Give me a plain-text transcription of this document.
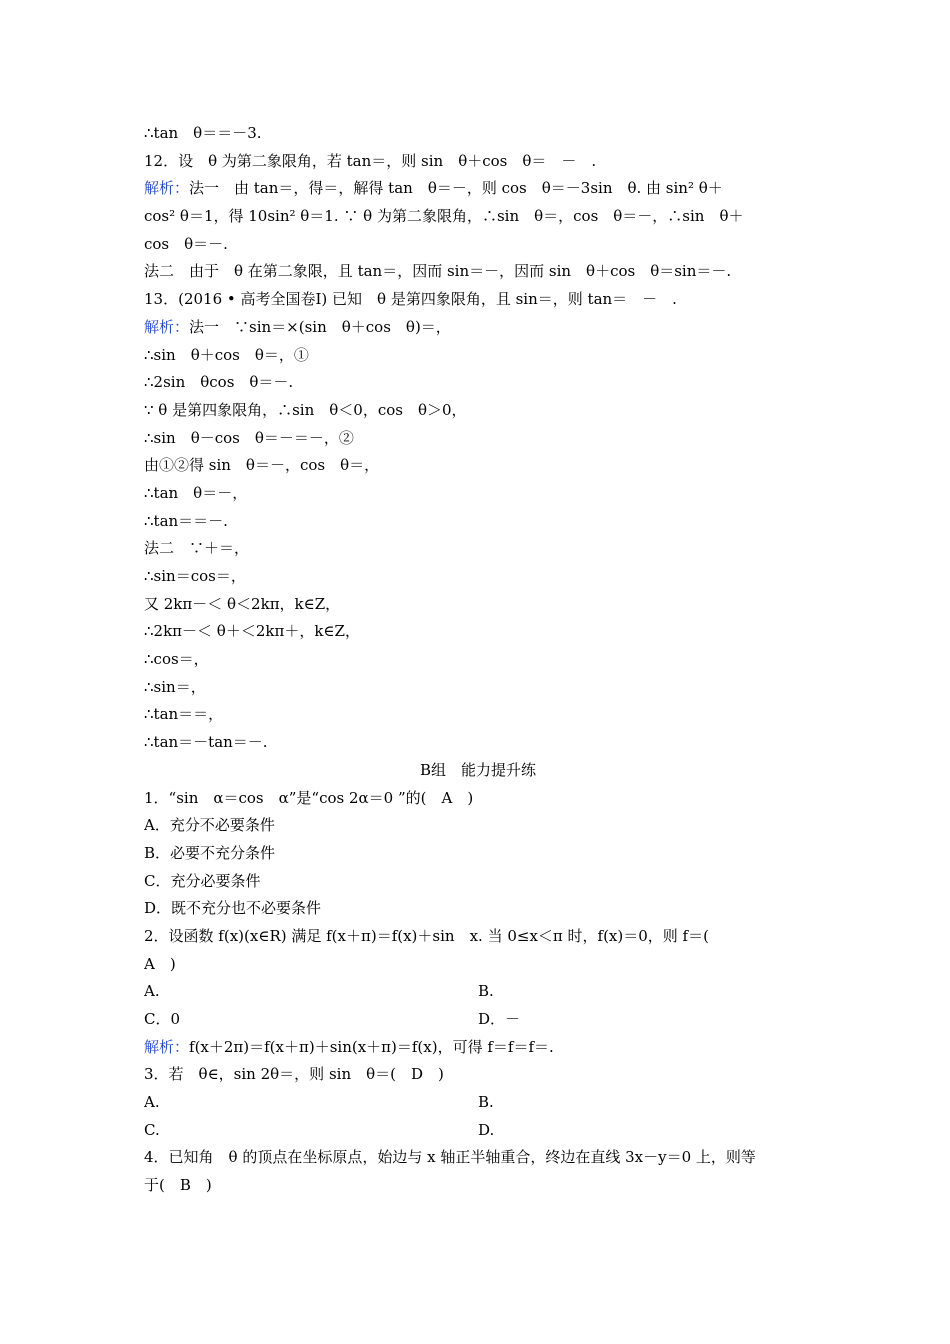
∴tan　θ＝＝－3.
12．设　θ 为第二象限角，若 tan＝，则 sin　θ＋cos　θ＝　－　.
解析：法一　由 tan＝，得＝，解得 tan　θ＝－，则 cos　θ＝－3sin　θ. 由 sin² θ＋
cos² θ＝1，得 10sin² θ＝1. ∵ θ 为第二象限角，∴sin　θ＝，cos　θ＝－，∴sin　θ＋
cos　θ＝－.
法二　由于　θ 在第二象限，且 tan＝，因而 sin＝－，因而 sin　θ＋cos　θ＝sin＝－.
13．(2016 • 高考全国卷Ⅰ) 已知　θ 是第四象限角，且 sin＝，则 tan＝　－　.
解析：法一　∵sin＝×(sin　θ＋cos　θ)＝，
∴sin　θ＋cos　θ＝，①
∴2sin　θcos　θ＝－.
∵ θ 是第四象限角，∴sin　θ＜0，cos　θ＞0，
∴sin　θ－cos　θ＝－＝－，②
由①②得 sin　θ＝－，cos　θ＝，
∴tan　θ＝－，
∴tan＝＝－.
法二　∵＋＝，
∴sin＝cos＝，
又 2kπ－＜ θ＜2kπ，k∈Z，
∴2kπ－＜ θ＋＜2kπ＋，k∈Z，
∴cos＝，
∴sin＝，
∴tan＝＝，
∴tan＝－tan＝－.
B组　能力提升练
1．“sin　α＝cos　α”是“cos 2α＝0 ”的(　A　)
A．充分不必要条件
B．必要不充分条件
C．充分必要条件
D．既不充分也不必要条件
2．设函数 f(x)(x∈R) 满足 f(x＋π)＝f(x)＋sin　x. 当 0≤x＜π 时，f(x)＝0，则 f＝(
A　)
A.	B.
C．0	D．－
解析：f(x＋2π)＝f(x＋π)＋sin(x＋π)＝f(x)，可得 f＝f＝f＝.
3．若　θ∈，sin 2θ＝，则 sin　θ＝(　D　)
A.	B.
C.	D.
4．已知角　θ 的顶点在坐标原点，始边与 x 轴正半轴重合，终边在直线 3x－y＝0 上，则等
于(　B　)
